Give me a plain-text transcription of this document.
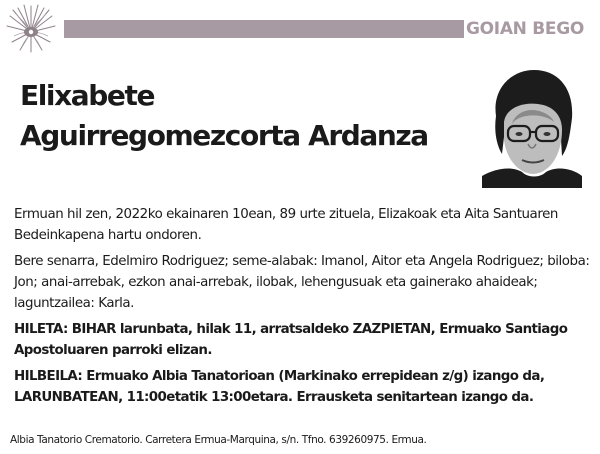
GOIAN BEGO
Elixabete
Aguirregomezcorta Ardanza

Ermuan hil zen, 2022ko ekainaren 10ean, 89 urte zituela, Elizakoak eta Aita Santuaren Bedeinkapena hartu ondoren.

Bere senarra, Edelmiro Rodriguez; seme-alabak: Imanol, Aitor eta Angela Rodriguez; biloba: Jon; anai-arrebak, ezkon anai-arrebak, ilobak, lehengusuak eta gainerako ahaideak; laguntzailea: Karla.

HILETA: BIHAR larunbata, hilak 11, arratsaldeko ZAZPIETAN, Ermuako Santiago Apostoluaren parroki elizan.

HILBEILA: Ermuako Albia Tanatorioan (Markinako errepidean z/g) izango da, LARUNBATEAN, 11:00etatik 13:00etara. Errausketa senitartean izango da.

Albia Tanatorio Crematorio. Carretera Ermua-Marquina, s/n. Tfno. 639260975. Ermua.
